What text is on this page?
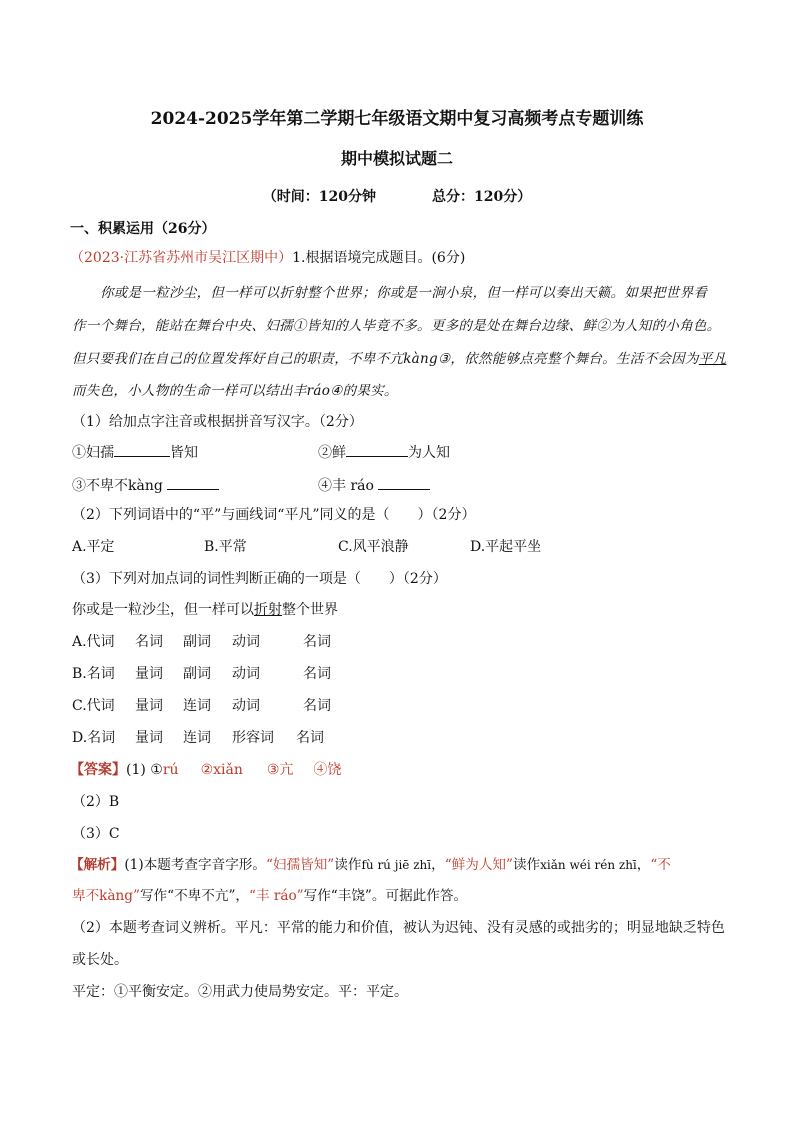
2024-2025学年第二学期七年级语文期中复习高频考点专题训练
期中模拟试题二
（时间：120分钟	总分：120分）
一、积累运用（26分）
（2023·江苏省苏州市吴江区期中）1.根据语境完成题目。(6分)
你或是一粒沙尘，但一样可以折射整个世界；你或是一涧小泉，但一样可以奏出天籁。如果把世界看
作一个舞台，能站在舞台中央、妇孺①皆知的人毕竟不多。更多的是处在舞台边缘、鲜②为人知的小角色。
但只要我们在自己的位置发挥好自己的职责，不卑不亢kàng③，依然能够点亮整个舞台。生活不会因为平凡
而失色，小人物的生命一样可以结出丰ráo④的果实。
（1）给加点字注音或根据拼音写汉字。（2分）
①妇孺	皆知	②鲜	为人知
③不卑不kàng	④丰 ráo
（2）下列词语中的“平”与画线词“平凡”同义的是（　　）（2分）
A.平定	B.平常	C.风平浪静	D.平起平坐
（3）下列对加点词的词性判断正确的一项是（　　）（2分）
你或是一粒沙尘，但一样可以折射整个世界
A.代词 名词 副词 动词	名词
B.名词 量词 副词 动词	名词
C.代词 量词 连词 动词	名词
D.名词 量词 连词 形容词 名词
【答案】(1) ①rú ②xiǎn ③亢 ④饶
（2）B
（3）C
【解析】(1)本题考查字音字形。“妇孺皆知”读作fù rú jiē zhī，“鲜为人知”读作xiǎn wéi rén zhī，“不
卑不kàng”写作“不卑不亢”，“丰 ráo”写作“丰饶”。可据此作答。
（2）本题考查词义辨析。平凡：平常的能力和价值，被认为迟钝、没有灵感的或拙劣的；明显地缺乏特色
或长处。
平定：①平衡安定。②用武力使局势安定。平：平定。
